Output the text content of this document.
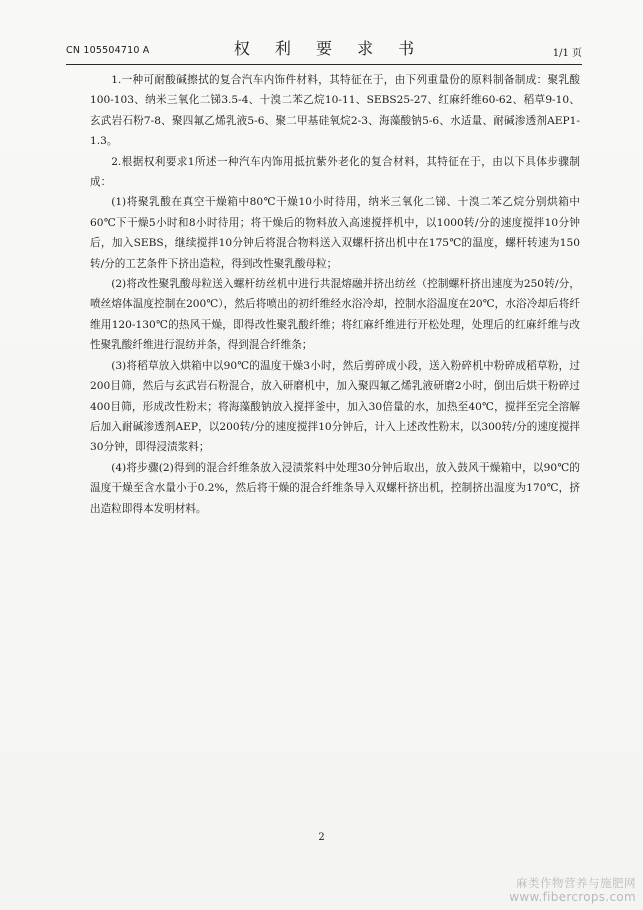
CN 105504710 A	权 利 要 求 书	1/1 页

1.一种可耐酸碱擦拭的复合汽车内饰件材料，其特征在于，由下列重量份的原料制备制成：聚乳酸100-103、纳米三氧化二锑3.5-4、十溴二苯乙烷10-11、SEBS25-27、红麻纤维60-62、稻草9-10、玄武岩石粉7-8、聚四氟乙烯乳液5-6、聚二甲基硅氧烷2-3、海藻酸钠5-6、水适量、耐碱渗透剂AEP1-1.3。

2.根据权利要求1所述一种汽车内饰用抵抗紫外老化的复合材料，其特征在于，由以下具体步骤制成：

(1)将聚乳酸在真空干燥箱中80℃干燥10小时待用，纳米三氧化二锑、十溴二苯乙烷分别烘箱中60℃下干燥5小时和8小时待用；将干燥后的物料放入高速搅拌机中，以1000转/分的速度搅拌10分钟后，加入SEBS，继续搅拌10分钟后将混合物料送入双螺杆挤出机中在175℃的温度，螺杆转速为150转/分的工艺条件下挤出造粒，得到改性聚乳酸母粒；

(2)将改性聚乳酸母粒送入螺杆纺丝机中进行共混熔融并挤出纺丝（控制螺杆挤出速度为250转/分，喷丝熔体温度控制在200℃），然后将喷出的初纤维经水浴冷却，控制水浴温度在20℃，水浴冷却后将纤维用120-130℃的热风干燥，即得改性聚乳酸纤维；将红麻纤维进行开松处理，处理后的红麻纤维与改性聚乳酸纤维进行混纺并条，得到混合纤维条；

(3)将稻草放入烘箱中以90℃的温度干燥3小时，然后剪碎成小段，送入粉碎机中粉碎成稻草粉，过200目筛，然后与玄武岩石粉混合，放入研磨机中，加入聚四氟乙烯乳液研磨2小时，倒出后烘干粉碎过400目筛，形成改性粉末；将海藻酸钠放入搅拌釜中，加入30倍量的水，加热至40℃，搅拌至完全溶解后加入耐碱渗透剂AEP，以200转/分的速度搅拌10分钟后，计入上述改性粉末，以300转/分的速度搅拌30分钟，即得浸渍浆料；

(4)将步骤(2)得到的混合纤维条放入浸渍浆料中处理30分钟后取出，放入鼓风干燥箱中，以90℃的温度干燥至含水量小于0.2%，然后将干燥的混合纤维条导入双螺杆挤出机，控制挤出温度为170℃，挤出造粒即得本发明材料。

2
麻类作物营养与施肥网
www.fibercrops.com
